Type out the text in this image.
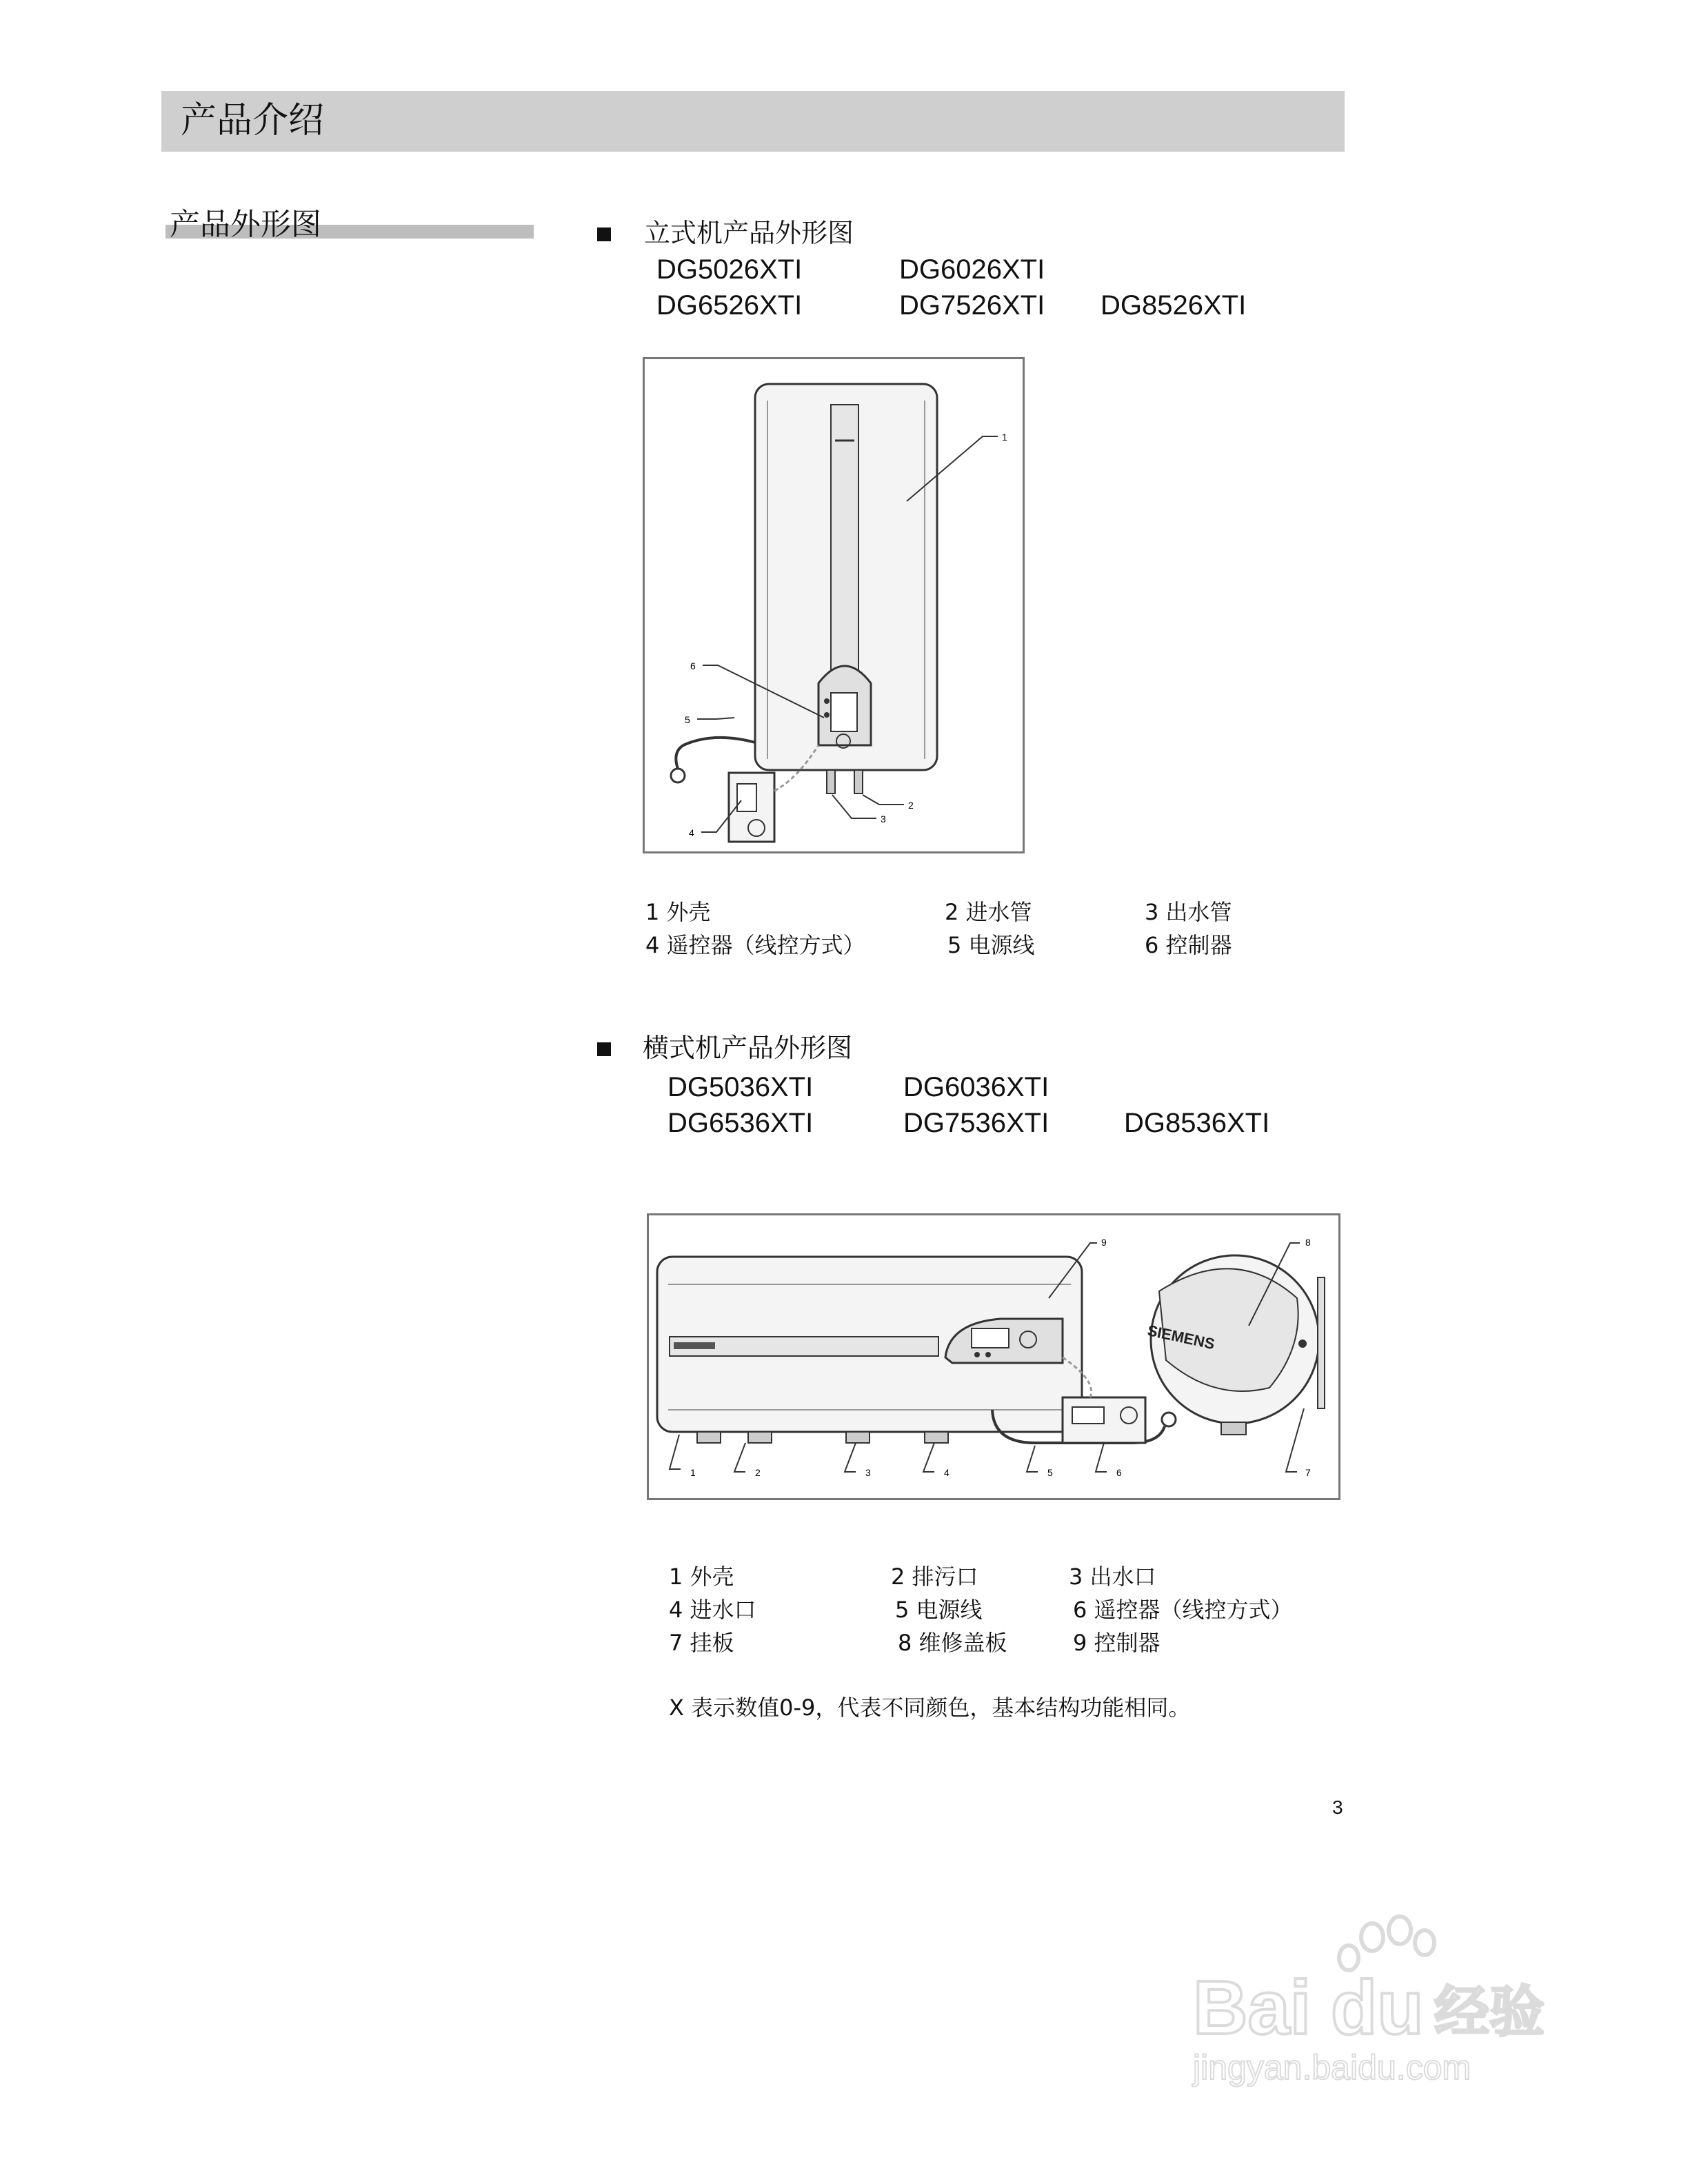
产品介绍
产品外形图	立式机产品外形图
DG5026XTI	DG6026XTI
DG6526XTI	DG7526XTI DG8526XTI
1
2
3
4
5
6
1 外壳	2 进水管	3 出水管
4 遥控器（线控方式）	5 电源线	6 控制器
横式机产品外形图
DG5036XTI	DG6036XTI
DG6536XTI	DG7536XTI	DG8536XTI
SIEMENS
1	2	3	4	5	6	7
8
9
1 外壳	2 排污口	3 出水口
4 进水口	5 电源线	6 遥控器（线控方式）
7 挂板	8 维修盖板	9 控制器
X 表示数值0-9，代表不同颜色，基本结构功能相同。
3
Bai du 经验
jingyan.baidu.com
